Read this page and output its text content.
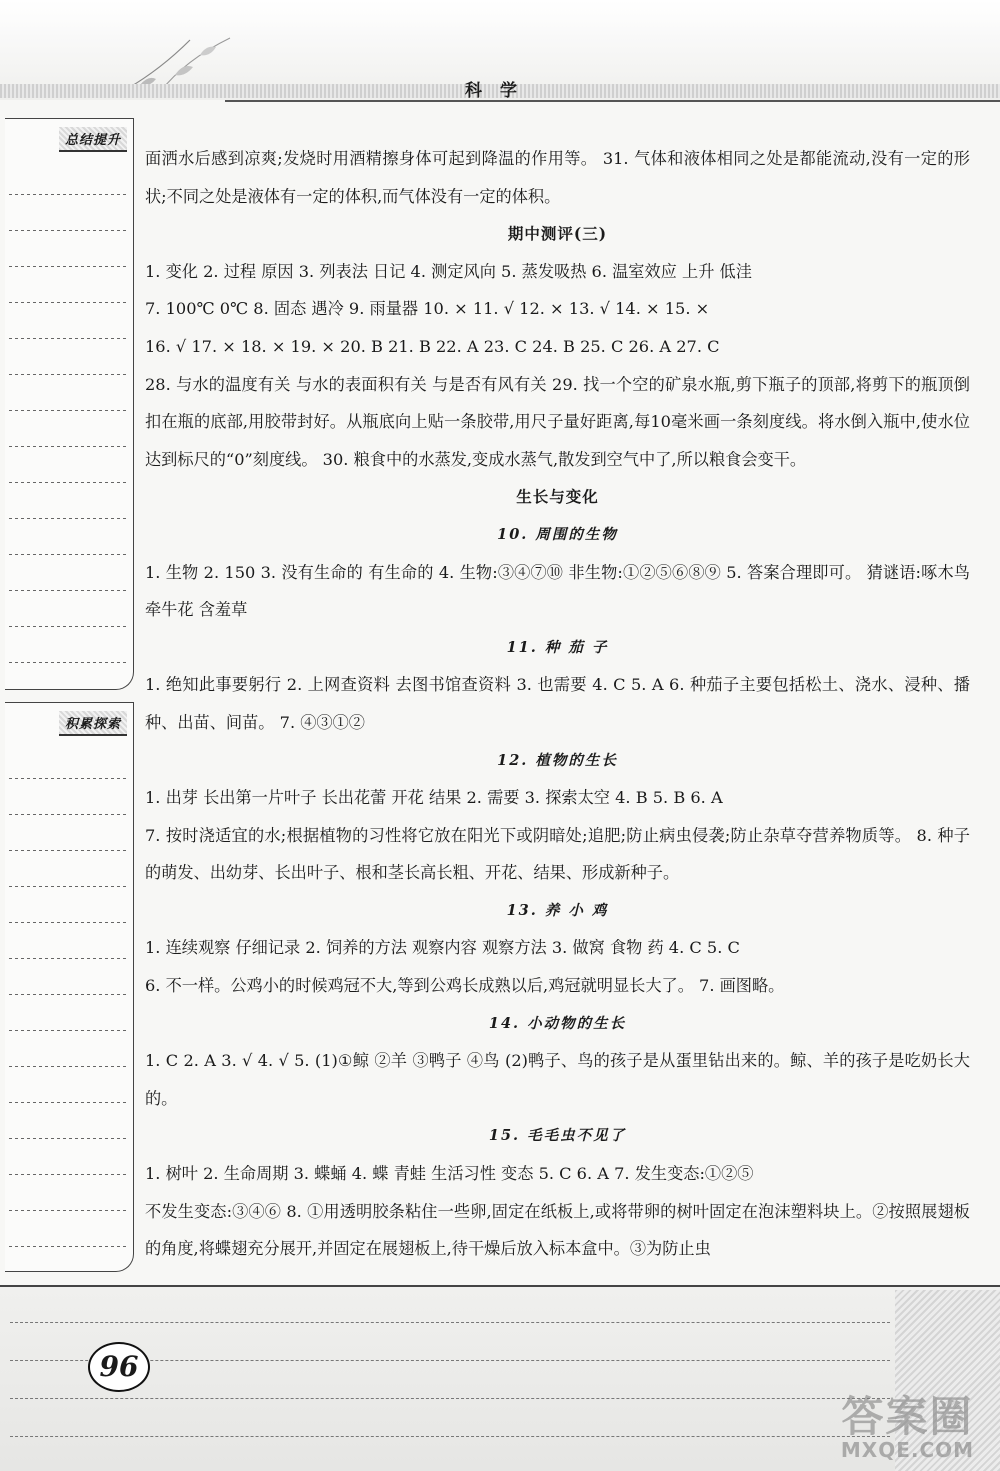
科学
总结提升
积累探索

面洒水后感到凉爽;发烧时用酒精擦身体可起到降温的作用等。 31. 气体和液体相同之处是都能流动,没有一定的形状;不同之处是液体有一定的体积,而气体没有一定的体积。

期中测评(三)

1. 变化 2. 过程 原因 3. 列表法 日记 4. 测定风向 5. 蒸发吸热 6. 温室效应 上升 低洼

7. 100℃ 0℃ 8. 固态 遇冷 9. 雨量器 10. × 11. √ 12. × 13. √ 14. × 15. ×

16. √ 17. × 18. × 19. × 20. B 21. B 22. A 23. C 24. B 25. C 26. A 27. C

28. 与水的温度有关 与水的表面积有关 与是否有风有关 29. 找一个空的矿泉水瓶,剪下瓶子的顶部,将剪下的瓶顶倒扣在瓶的底部,用胶带封好。从瓶底向上贴一条胶带,用尺子量好距离,每10毫米画一条刻度线。将水倒入瓶中,使水位达到标尺的“0”刻度线。 30. 粮食中的水蒸发,变成水蒸气,散发到空气中了,所以粮食会变干。

生长与变化
10. 周围的生物

1. 生物 2. 150 3. 没有生命的 有生命的 4. 生物:③④⑦⑩ 非生物:①②⑤⑥⑧⑨ 5. 答案合理即可。 猜谜语:啄木鸟 牵牛花 含羞草

11. 种 茄 子

1. 绝知此事要躬行 2. 上网查资料 去图书馆查资料 3. 也需要 4. C 5. A 6. 种茄子主要包括松土、浇水、浸种、播种、出苗、间苗。 7. ④③①②

12. 植物的生长

1. 出芽 长出第一片叶子 长出花蕾 开花 结果 2. 需要 3. 探索太空 4. B 5. B 6. A

7. 按时浇适宜的水;根据植物的习性将它放在阳光下或阴暗处;追肥;防止病虫侵袭;防止杂草夺营养物质等。 8. 种子的萌发、出幼芽、长出叶子、根和茎长高长粗、开花、结果、形成新种子。

13. 养 小 鸡

1. 连续观察 仔细记录 2. 饲养的方法 观察内容 观察方法 3. 做窝 食物 药 4. C 5. C

6. 不一样。公鸡小的时候鸡冠不大,等到公鸡长成熟以后,鸡冠就明显长大了。 7. 画图略。

14. 小动物的生长

1. C 2. A 3. √ 4. √ 5. (1)①鲸 ②羊 ③鸭子 ④鸟 (2)鸭子、鸟的孩子是从蛋里钻出来的。鲸、羊的孩子是吃奶长大的。

15. 毛毛虫不见了

1. 树叶 2. 生命周期 3. 蝶蛹 4. 蝶 青蛙 生活习性 变态 5. C 6. A 7. 发生变态:①②⑤

不发生变态:③④⑥ 8. ①用透明胶条粘住一些卵,固定在纸板上,或将带卵的树叶固定在泡沫塑料块上。②按照展翅板的角度,将蝶翅充分展开,并固定在展翅板上,待干燥后放入标本盒中。③为防止虫

96
答案圈
MXQE.COM
